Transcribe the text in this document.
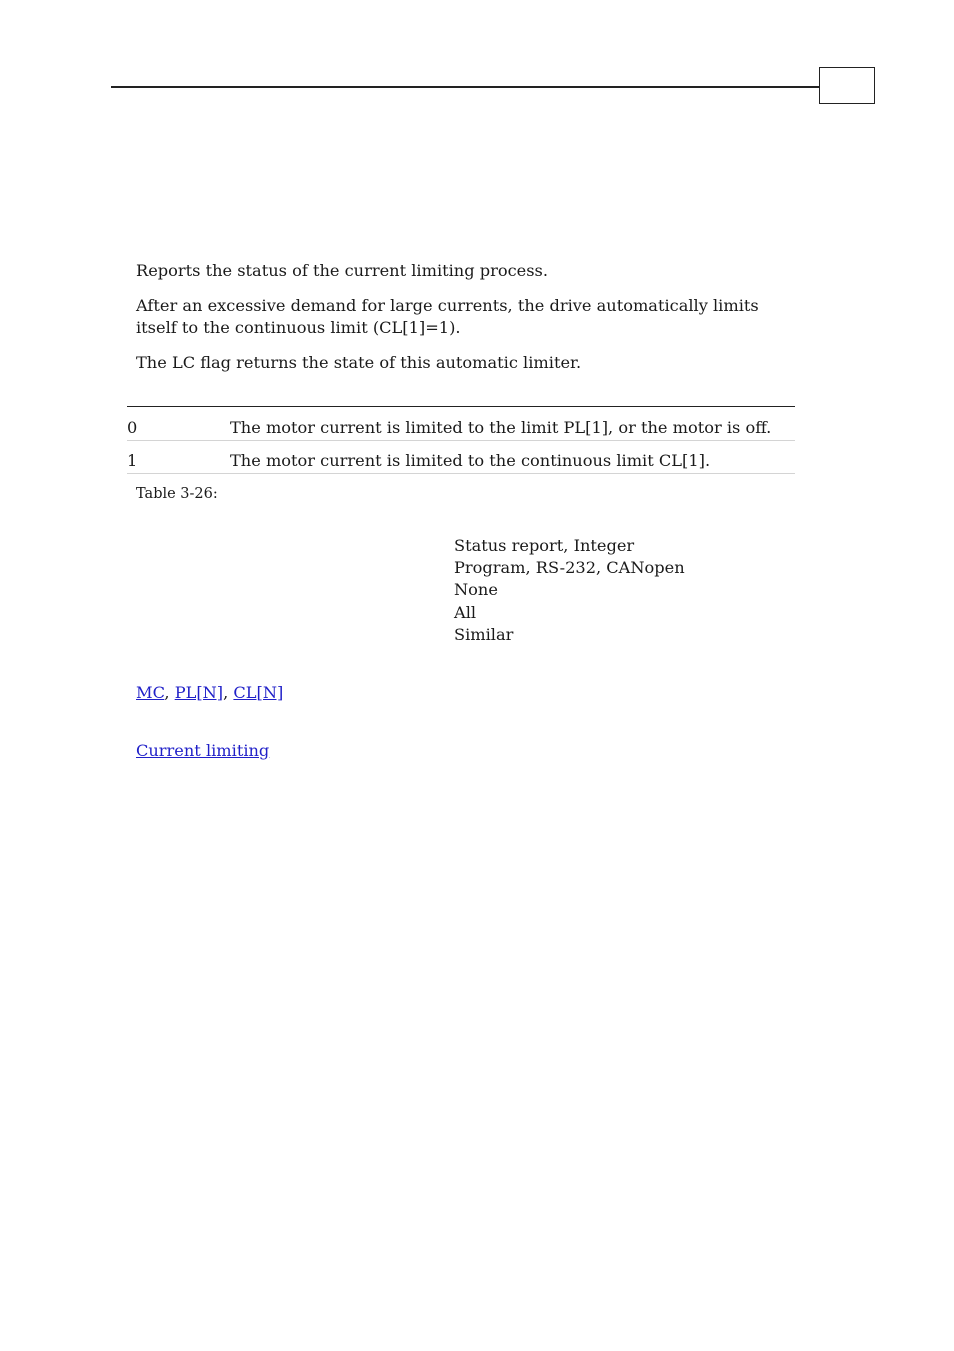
Reports the status of the current limiting process.

After an excessive demand for large currents, the drive automatically limits itself to the continuous limit (CL[1]=1).

The LC flag returns the state of this automatic limiter.

0	The motor current is limited to the limit PL[1], or the motor is off.
1	The motor current is limited to the continuous limit CL[1].
Table 3-26:
Status report, Integer
Program, RS-232, CANopen
None
All
Similar
MC, PL[N], CL[N]
Current limiting
